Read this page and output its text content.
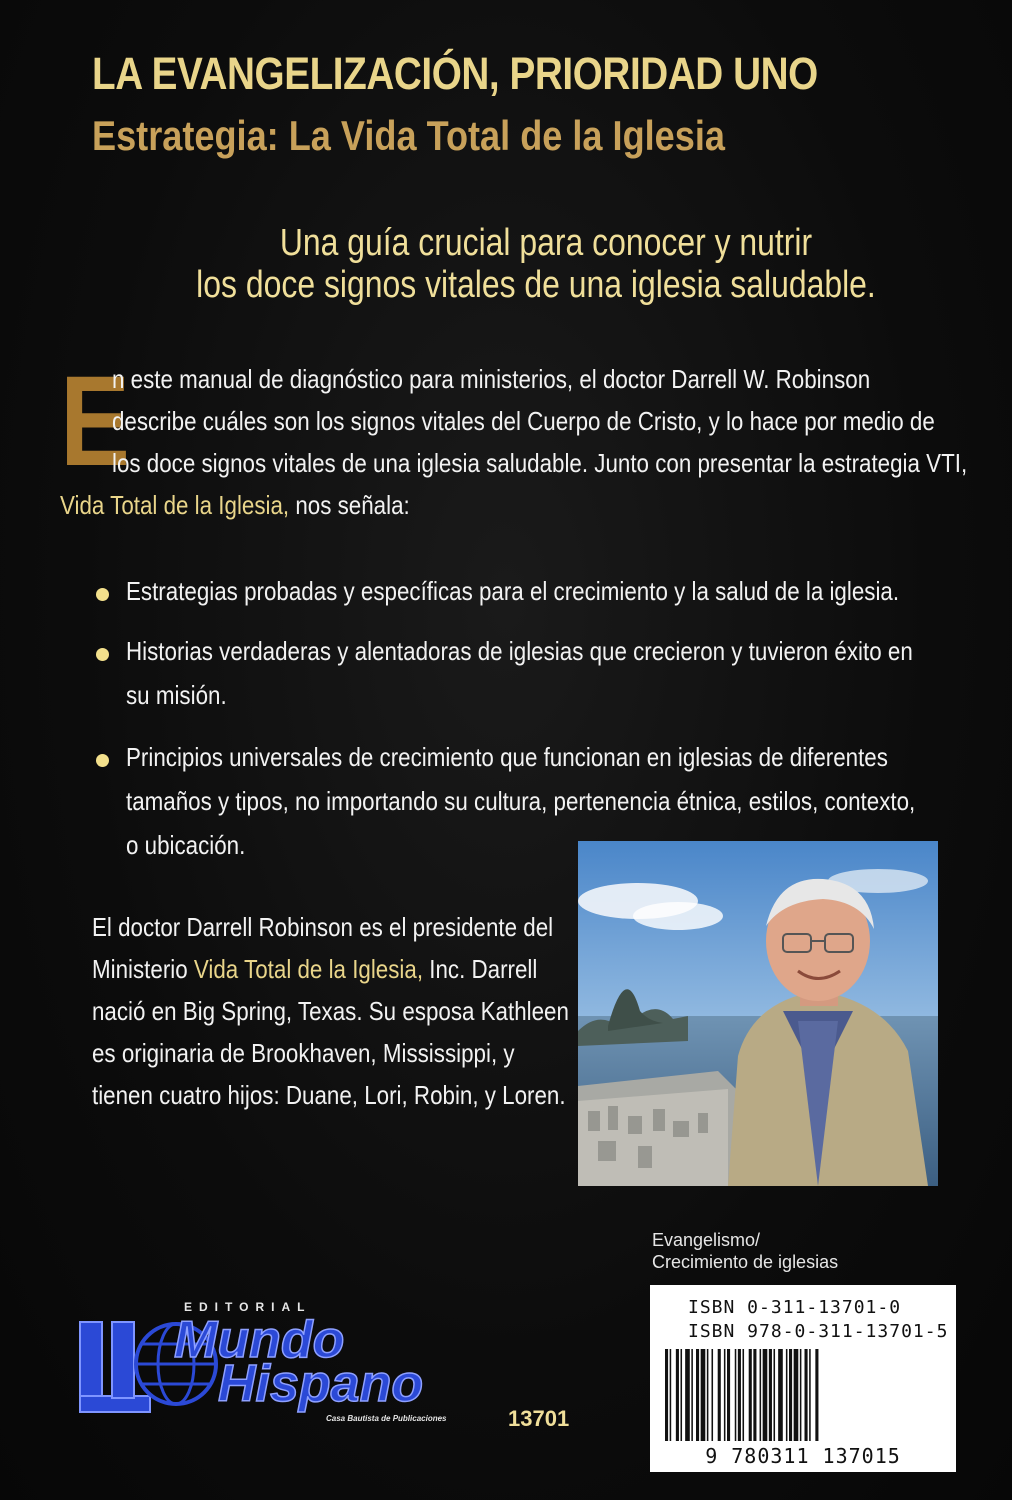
LA EVANGELIZACIÓN, PRIORIDAD UNO
Estrategia: La Vida Total de la Iglesia
Una guía crucial para conocer y nutrir
los doce signos vitales de una iglesia saludable.
E
n este manual de diagnóstico para ministerios, el doctor Darrell W. Robinson
describe cuáles son los signos vitales del Cuerpo de Cristo, y lo hace por medio de
los doce signos vitales de una iglesia saludable. Junto con presentar la estrategia VTI,
Vida Total de la Iglesia, nos señala:
Estrategias probadas y específicas para el crecimiento y la salud de la iglesia.
Historias verdaderas y alentadoras de iglesias que crecieron y tuvieron éxito en
su misión.
Principios universales de crecimiento que funcionan en iglesias de diferentes
tamaños y tipos, no importando su cultura, pertenencia étnica, estilos, contexto,
o ubicación.
El doctor Darrell Robinson es el presidente del
Ministerio Vida Total de la Iglesia, Inc. Darrell
nació en Big Spring, Texas. Su esposa Kathleen
es originaria de Brookhaven, Mississippi, y
tienen cuatro hijos: Duane, Lori, Robin, y Loren.
Evangelismo/
Crecimiento de iglesias
EDITORIAL
Mundo
Hispano
Casa Bautista de Publicaciones	13701
ISBN 0-311-13701-0
ISBN 978-0-311-13701-5
9 780311 137015
